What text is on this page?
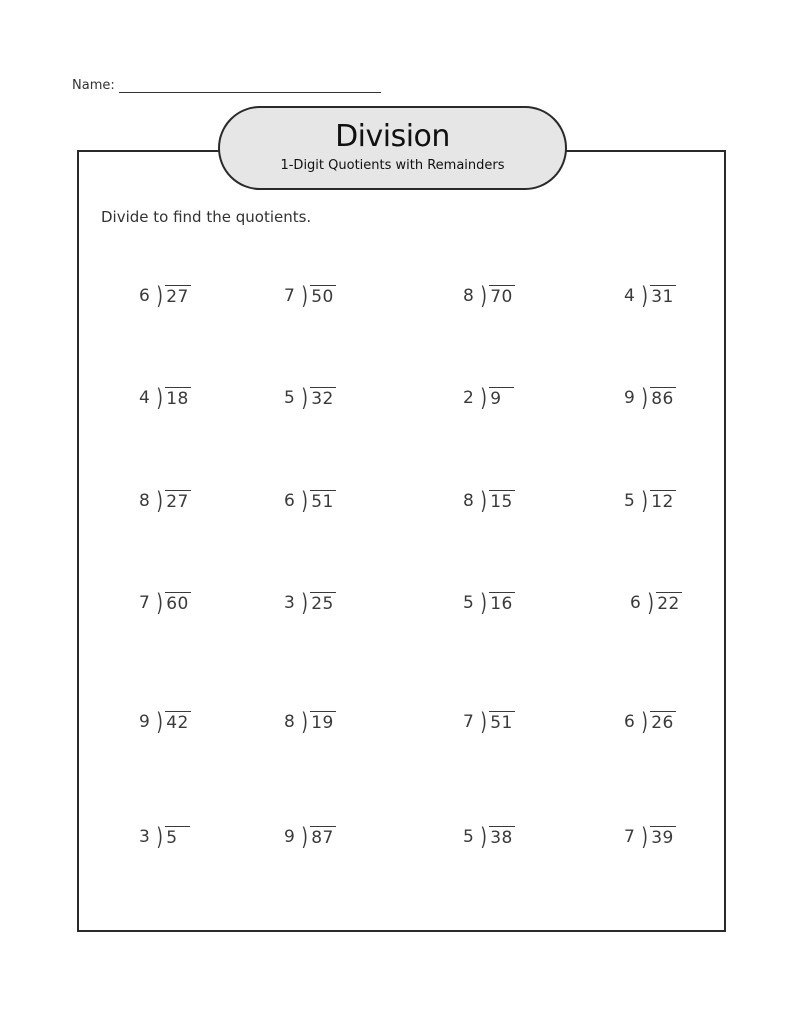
Name:
Division
1-Digit Quotients with Remainders
Divide to find the quotients.
6 ) 27	7 ) 50	8 ) 70	4 ) 31
4 ) 18	5 ) 32	2 ) 9	9 ) 86
8 ) 27	6 ) 51	8 ) 15	5 ) 12
7 ) 60	3 ) 25	5 ) 16	6 ) 22
9 ) 42	8 ) 19	7 ) 51	6 ) 26
3 ) 5	9 ) 87	5 ) 38	7 ) 39
